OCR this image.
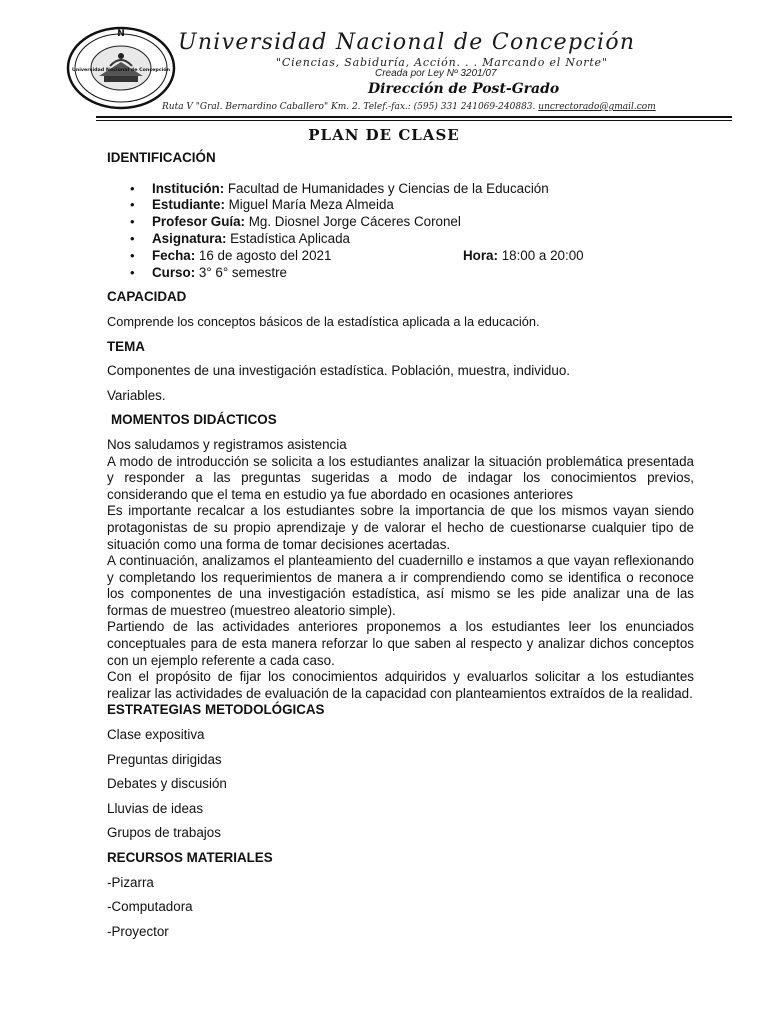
N
Universidad Nacional de Concepción
Universidad Nacional de Concepción
"Ciencias, Sabiduría, Acción. . . Marcando el Norte"
Creada por Ley Nº 3201/07
Dirección de Post-Grado
Ruta V "Gral. Bernardino Caballero" Km. 2. Telef.-fax.: (595) 331 241069-240883. uncrectorado@gmail.com
PLAN DE CLASE

IDENTIFICACIÓN

• Institución: Facultad de Humanidades y Ciencias de la Educación
• Estudiante: Miguel María Meza Almeida
• Profesor Guía: Mg. Diosnel Jorge Cáceres Coronel
• Asignatura: Estadística Aplicada
• Fecha: 16 de agosto del 2021	Hora: 18:00 a 20:00
• Curso: 3° 6° semestre

CAPACIDAD

Comprende los conceptos básicos de la estadística aplicada a la educación.

TEMA

Componentes de una investigación estadística. Población, muestra, individuo.

Variables.

MOMENTOS DIDÁCTICOS

Nos saludamos y registramos asistencia

A modo de introducción se solicita a los estudiantes analizar la situación problemática presentada y responder a las preguntas sugeridas a modo de indagar los conocimientos previos, considerando que el tema en estudio ya fue abordado en ocasiones anteriores

Es importante recalcar a los estudiantes sobre la importancia de que los mismos vayan siendo protagonistas de su propio aprendizaje y de valorar el hecho de cuestionarse cualquier tipo de situación como una forma de tomar decisiones acertadas.

A continuación, analizamos el planteamiento del cuadernillo e instamos a que vayan reflexionando y completando los requerimientos de manera a ir comprendiendo como se identifica o reconoce los componentes de una investigación estadística, así mismo se les pide analizar una de las formas de muestreo (muestreo aleatorio simple).

Partiendo de las actividades anteriores proponemos a los estudiantes leer los enunciados conceptuales para de esta manera reforzar lo que saben al respecto y analizar dichos conceptos con un ejemplo referente a cada caso.

Con el propósito de fijar los conocimientos adquiridos y evaluarlos solicitar a los estudiantes realizar las actividades de evaluación de la capacidad con planteamientos extraídos de la realidad.

ESTRATEGIAS METODOLÓGICAS

Clase expositiva

Preguntas dirigidas

Debates y discusión

Lluvias de ideas

Grupos de trabajos

RECURSOS MATERIALES

-Pizarra

-Computadora

-Proyector
